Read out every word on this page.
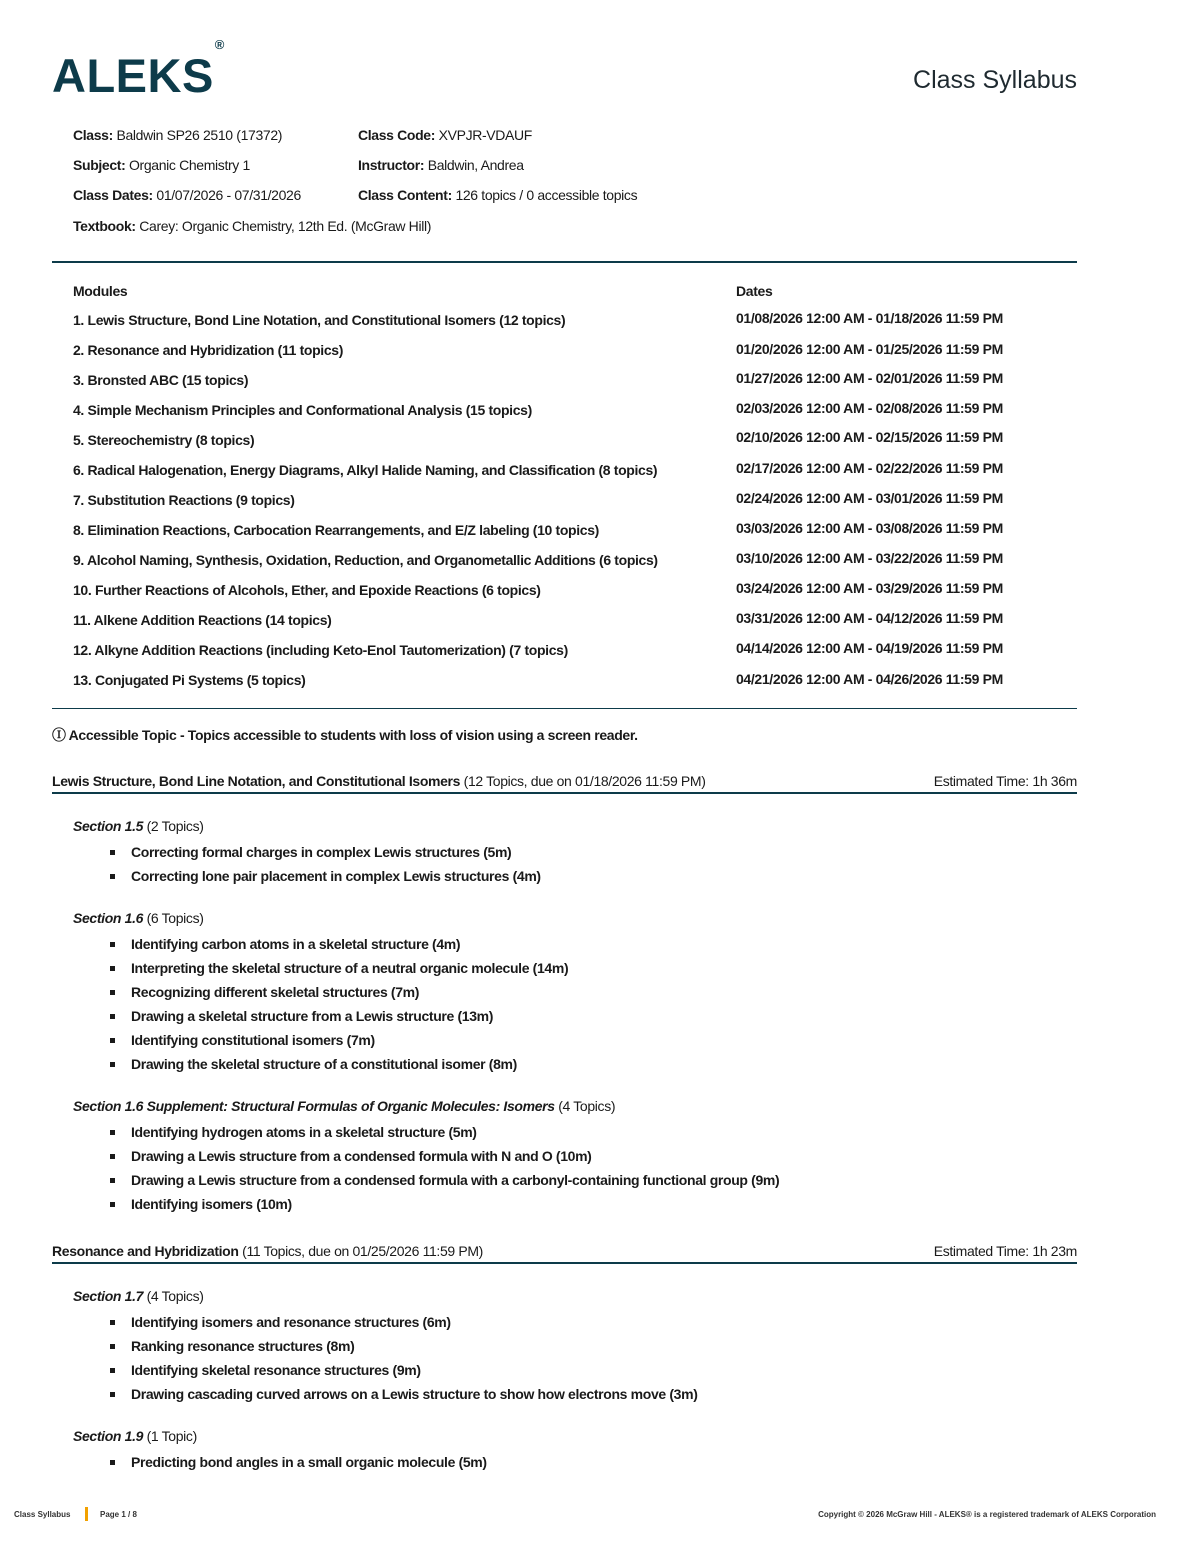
ALEKS®
Class Syllabus
Class: Baldwin SP26 2510 (17372)	Class Code: XVPJR-VDAUF
Subject: Organic Chemistry 1	Instructor: Baldwin, Andrea
Class Dates: 01/07/2026 - 07/31/2026	Class Content: 126 topics / 0 accessible topics
Textbook: Carey: Organic Chemistry, 12th Ed. (McGraw Hill)
Modules	Dates
1. Lewis Structure, Bond Line Notation, and Constitutional Isomers (12 topics)	01/08/2026 12:00 AM - 01/18/2026 11:59 PM
2. Resonance and Hybridization (11 topics)	01/20/2026 12:00 AM - 01/25/2026 11:59 PM
3. Bronsted ABC (15 topics)	01/27/2026 12:00 AM - 02/01/2026 11:59 PM
4. Simple Mechanism Principles and Conformational Analysis (15 topics)	02/03/2026 12:00 AM - 02/08/2026 11:59 PM
5. Stereochemistry (8 topics)	02/10/2026 12:00 AM - 02/15/2026 11:59 PM
6. Radical Halogenation, Energy Diagrams, Alkyl Halide Naming, and Classification (8 topics)	02/17/2026 12:00 AM - 02/22/2026 11:59 PM
7. Substitution Reactions (9 topics)	02/24/2026 12:00 AM - 03/01/2026 11:59 PM
8. Elimination Reactions, Carbocation Rearrangements, and E/Z labeling (10 topics)	03/03/2026 12:00 AM - 03/08/2026 11:59 PM
9. Alcohol Naming, Synthesis, Oxidation, Reduction, and Organometallic Additions (6 topics)	03/10/2026 12:00 AM - 03/22/2026 11:59 PM
10. Further Reactions of Alcohols, Ether, and Epoxide Reactions (6 topics)	03/24/2026 12:00 AM - 03/29/2026 11:59 PM
11. Alkene Addition Reactions (14 topics)	03/31/2026 12:00 AM - 04/12/2026 11:59 PM
12. Alkyne Addition Reactions (including Keto-Enol Tautomerization) (7 topics)	04/14/2026 12:00 AM - 04/19/2026 11:59 PM
13. Conjugated Pi Systems (5 topics)	04/21/2026 12:00 AM - 04/26/2026 11:59 PM
Ⓘ Accessible Topic - Topics accessible to students with loss of vision using a screen reader.
Lewis Structure, Bond Line Notation, and Constitutional Isomers (12 Topics, due on 01/18/2026 11:59 PM)	Estimated Time: 1h 36m
Section 1.5 (2 Topics)
Correcting formal charges in complex Lewis structures (5m)
Correcting lone pair placement in complex Lewis structures (4m)
Section 1.6 (6 Topics)
Identifying carbon atoms in a skeletal structure (4m)
Interpreting the skeletal structure of a neutral organic molecule (14m)
Recognizing different skeletal structures (7m)
Drawing a skeletal structure from a Lewis structure (13m)
Identifying constitutional isomers (7m)
Drawing the skeletal structure of a constitutional isomer (8m)
Section 1.6 Supplement: Structural Formulas of Organic Molecules: Isomers (4 Topics)
Identifying hydrogen atoms in a skeletal structure (5m)
Drawing a Lewis structure from a condensed formula with N and O (10m)
Drawing a Lewis structure from a condensed formula with a carbonyl-containing functional group (9m)
Identifying isomers (10m)
Resonance and Hybridization (11 Topics, due on 01/25/2026 11:59 PM)	Estimated Time: 1h 23m
Section 1.7 (4 Topics)
Identifying isomers and resonance structures (6m)
Ranking resonance structures (8m)
Identifying skeletal resonance structures (9m)
Drawing cascading curved arrows on a Lewis structure to show how electrons move (3m)
Section 1.9 (1 Topic)
Predicting bond angles in a small organic molecule (5m)
Class Syllabus	Page 1 / 8	Copyright © 2026 McGraw Hill - ALEKS® is a registered trademark of ALEKS Corporation
